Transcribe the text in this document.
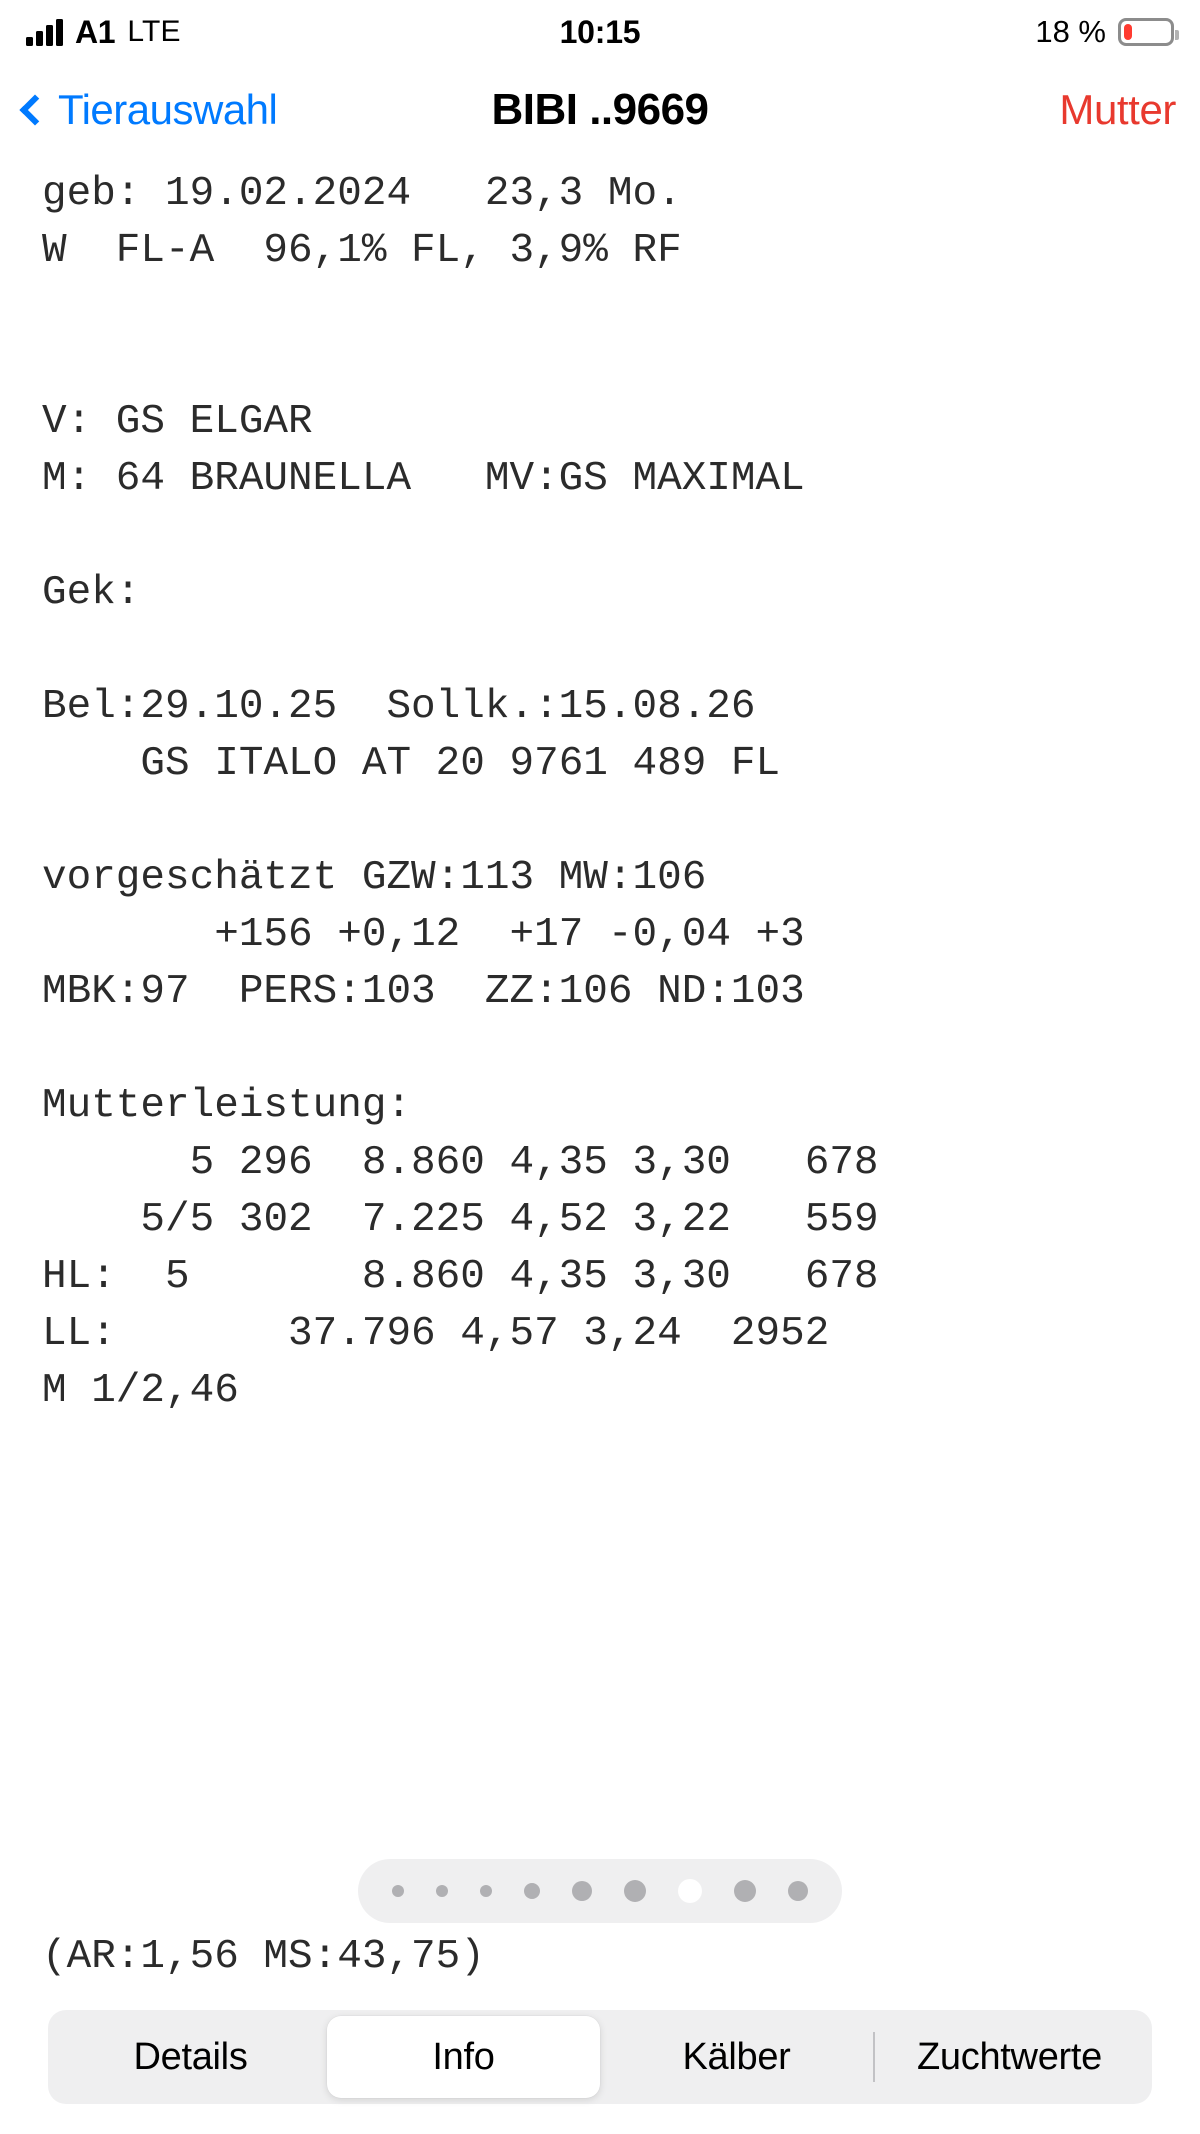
A1 LTE	10:15	18 %
Tierauswahl	BIBI ..9669	Mutter
geb: 19.02.2024   23,3 Mo.
W  FL-A  96,1% FL, 3,9% RF

V: GS ELGAR
M: 64 BRAUNELLA   MV:GS MAXIMAL

Gek:

Bel:29.10.25  Sollk.:15.08.26
GS ITALO AT 20 9761 489 FL

vorgeschätzt GZW:113 MW:106
+156 +0,12  +17 -0,04 +3
MBK:97  PERS:103  ZZ:106 ND:103

Mutterleistung:
5 296  8.860 4,35 3,30   678
5/5 302  7.225 4,52 3,22   559
HL:  5       8.860 4,35 3,30   678
LL:       37.796 4,57 3,24  2952
M 1/2,46
(AR:1,56 MS:43,75)
Details	Info	Kälber	Zuchtwerte
